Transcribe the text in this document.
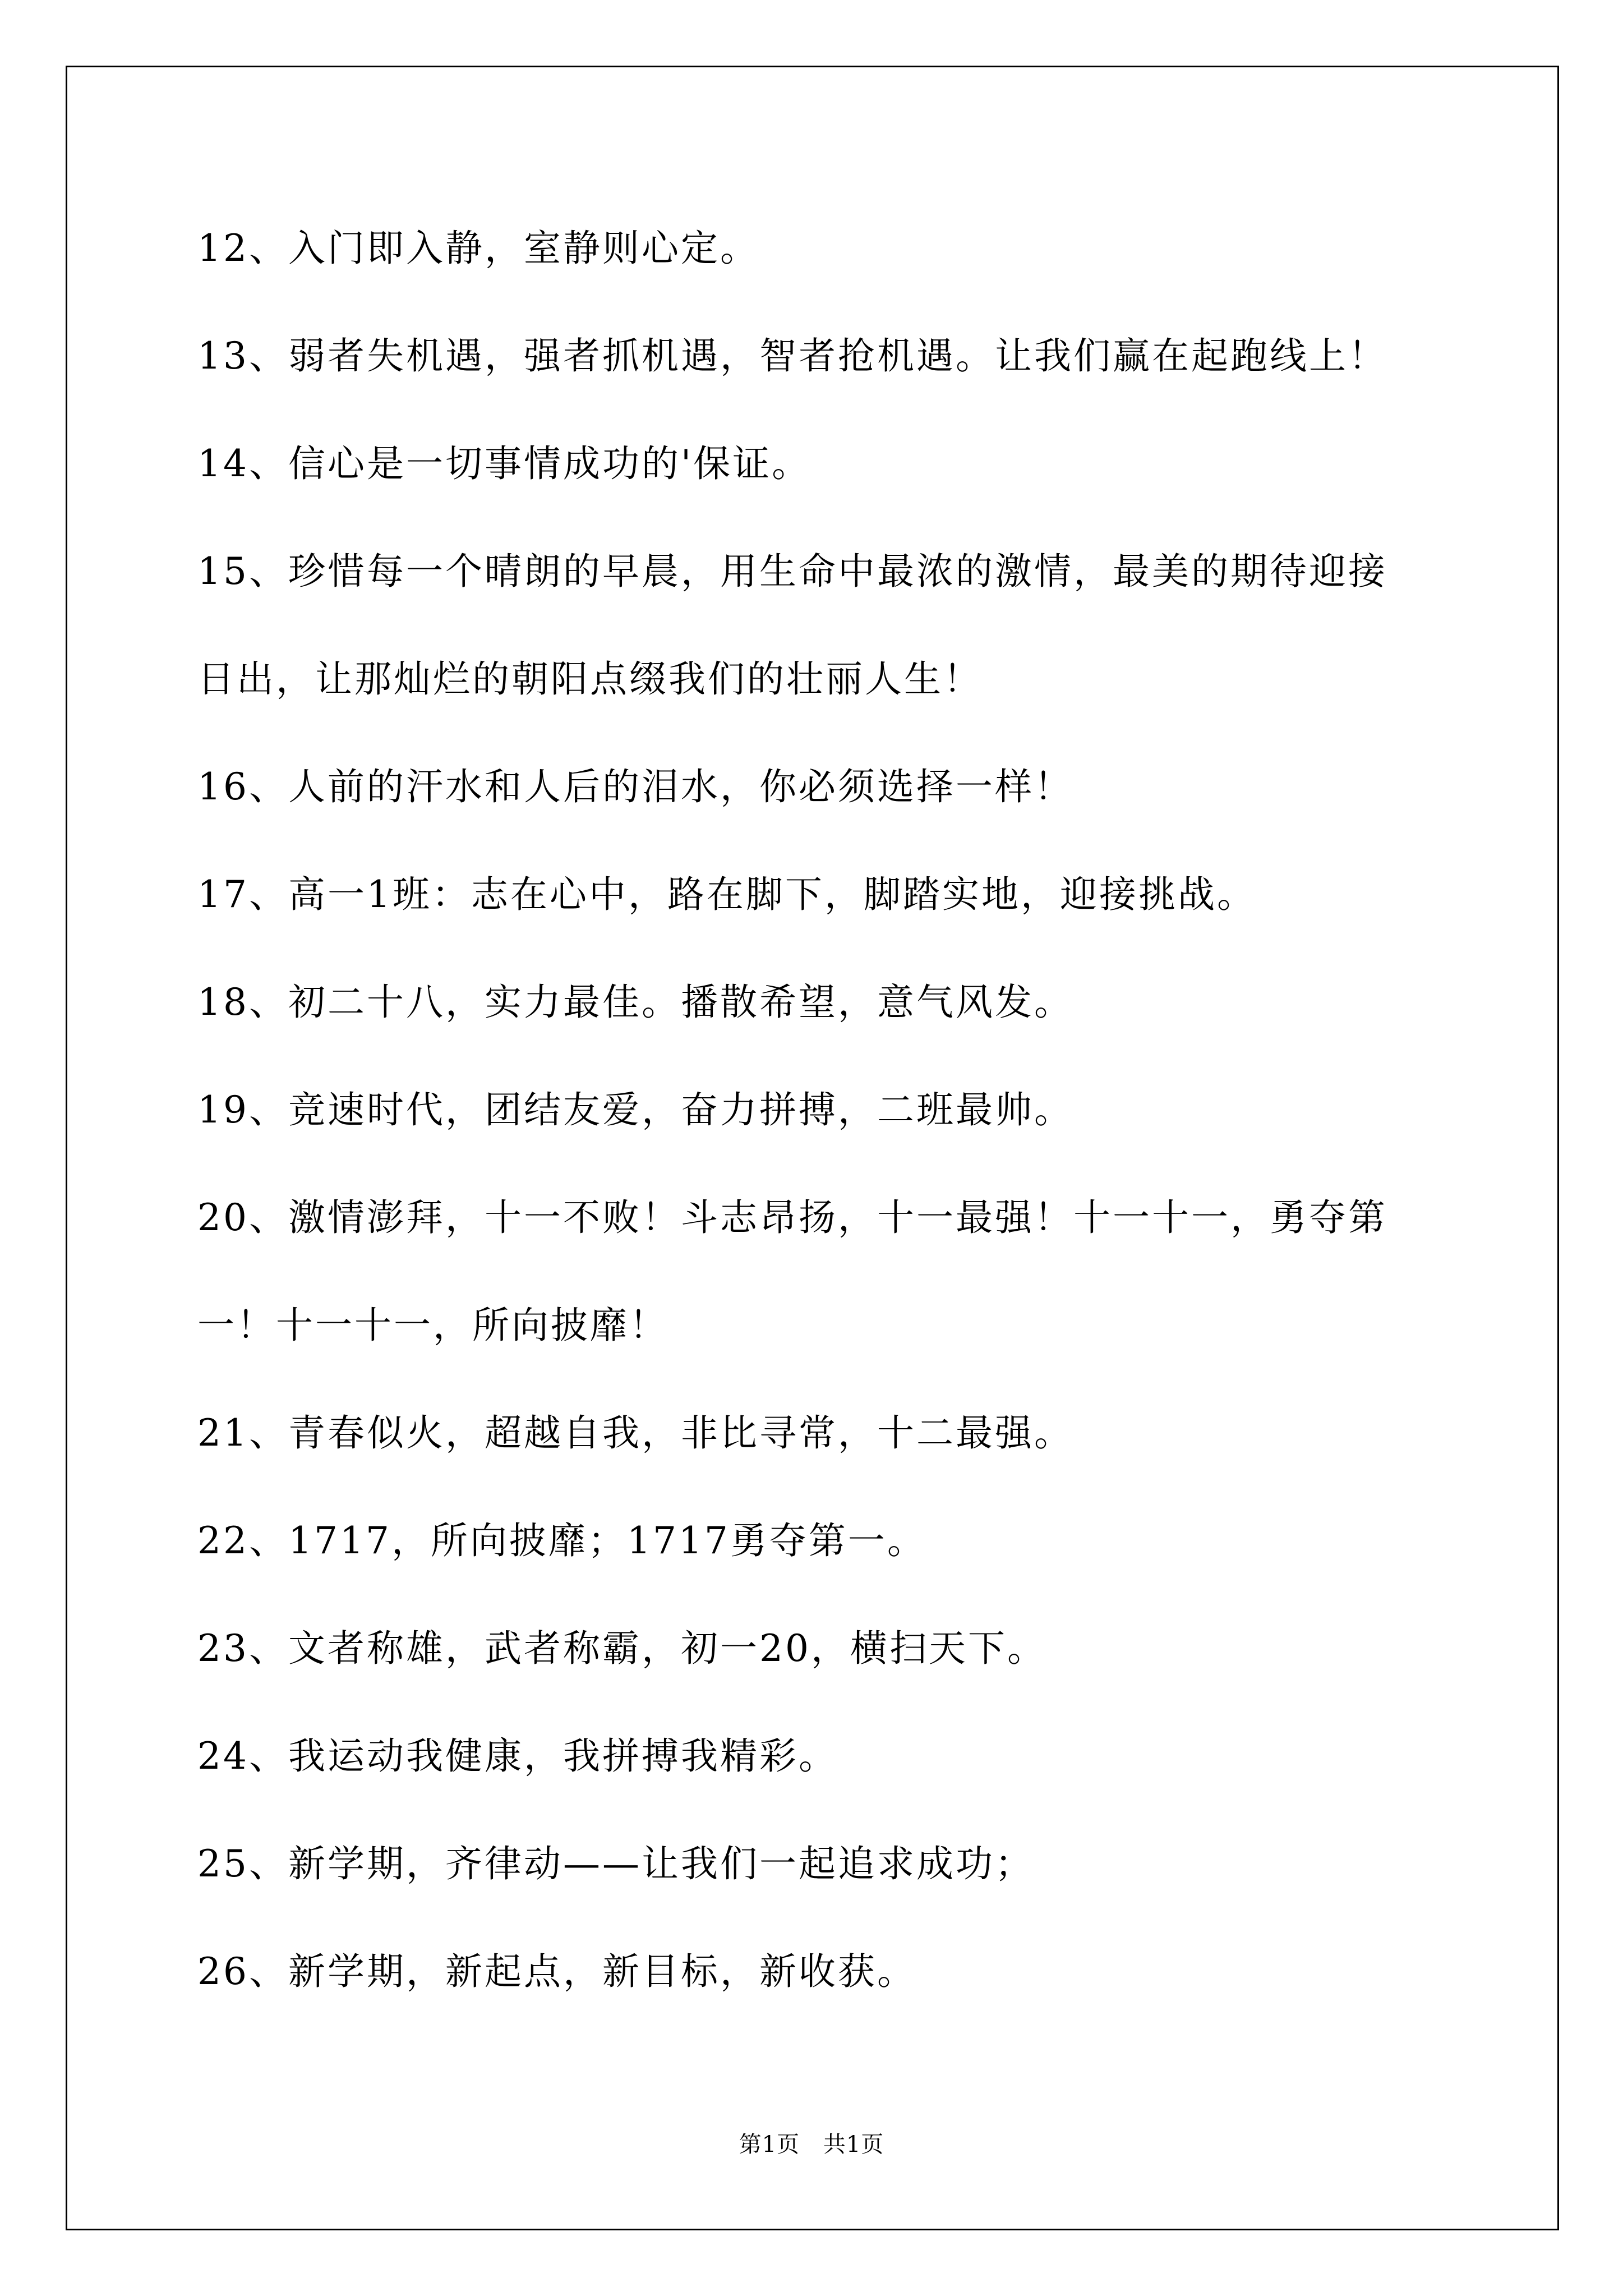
12、入门即入静，室静则心定。
13、弱者失机遇，强者抓机遇，智者抢机遇。让我们赢在起跑线上！
14、信心是一切事情成功的'保证。
15、珍惜每一个晴朗的早晨，用生命中最浓的激情，最美的期待迎接
日出，让那灿烂的朝阳点缀我们的壮丽人生！
16、人前的汗水和人后的泪水，你必须选择一样！
17、高一1班：志在心中，路在脚下，脚踏实地，迎接挑战。
18、初二十八，实力最佳。播散希望，意气风发。
19、竞速时代，团结友爱，奋力拼搏，二班最帅。
20、激情澎拜，十一不败！斗志昂扬，十一最强！十一十一，勇夺第
一！十一十一，所向披靡！
21、青春似火，超越自我，非比寻常，十二最强。
22、1717，所向披靡；1717勇夺第一。
23、文者称雄，武者称霸，初一20，横扫天下。
24、我运动我健康，我拼搏我精彩。
25、新学期，齐律动——让我们一起追求成功；
26、新学期，新起点，新目标，新收获。
第1页 共1页
